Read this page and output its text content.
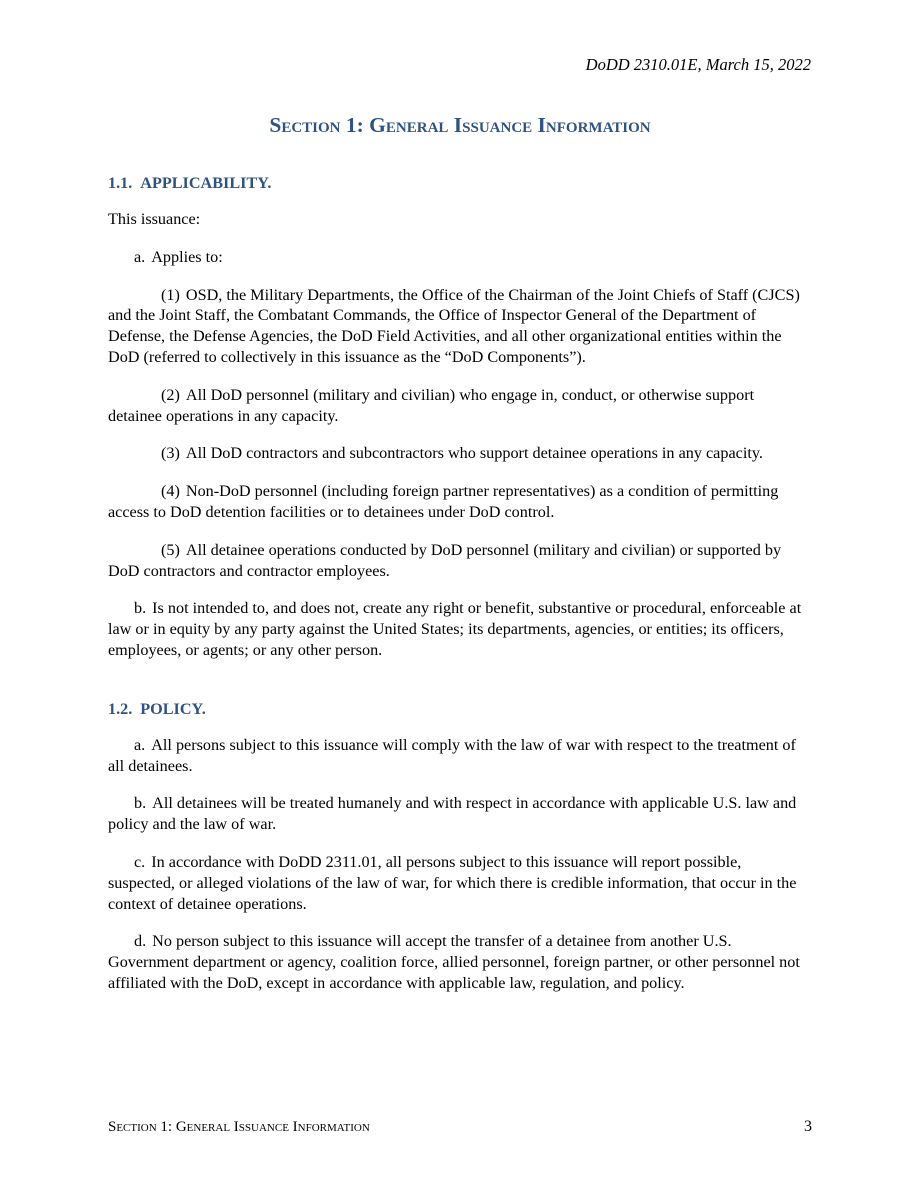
DoDD 2310.01E, March 15, 2022
Section 1: General Issuance Information
1.1. APPLICABILITY.

This issuance:

a. Applies to:

(1) OSD, the Military Departments, the Office of the Chairman of the Joint Chiefs of Staff (CJCS) and the Joint Staff, the Combatant Commands, the Office of Inspector General of the Department of Defense, the Defense Agencies, the DoD Field Activities, and all other organizational entities within the DoD (referred to collectively in this issuance as the “DoD Components”).

(2) All DoD personnel (military and civilian) who engage in, conduct, or otherwise support detainee operations in any capacity.

(3) All DoD contractors and subcontractors who support detainee operations in any capacity.

(4) Non-DoD personnel (including foreign partner representatives) as a condition of permitting access to DoD detention facilities or to detainees under DoD control.

(5) All detainee operations conducted by DoD personnel (military and civilian) or supported by DoD contractors and contractor employees.

b. Is not intended to, and does not, create any right or benefit, substantive or procedural, enforceable at law or in equity by any party against the United States; its departments, agencies, or entities; its officers, employees, or agents; or any other person.

1.2. POLICY.

a. All persons subject to this issuance will comply with the law of war with respect to the treatment of all detainees.

b. All detainees will be treated humanely and with respect in accordance with applicable U.S. law and policy and the law of war.

c. In accordance with DoDD 2311.01, all persons subject to this issuance will report possible, suspected, or alleged violations of the law of war, for which there is credible information, that occur in the context of detainee operations.

d. No person subject to this issuance will accept the transfer of a detainee from another U.S. Government department or agency, coalition force, allied personnel, foreign partner, or other personnel not affiliated with the DoD, except in accordance with applicable law, regulation, and policy.

Section 1: General Issuance Information	3
